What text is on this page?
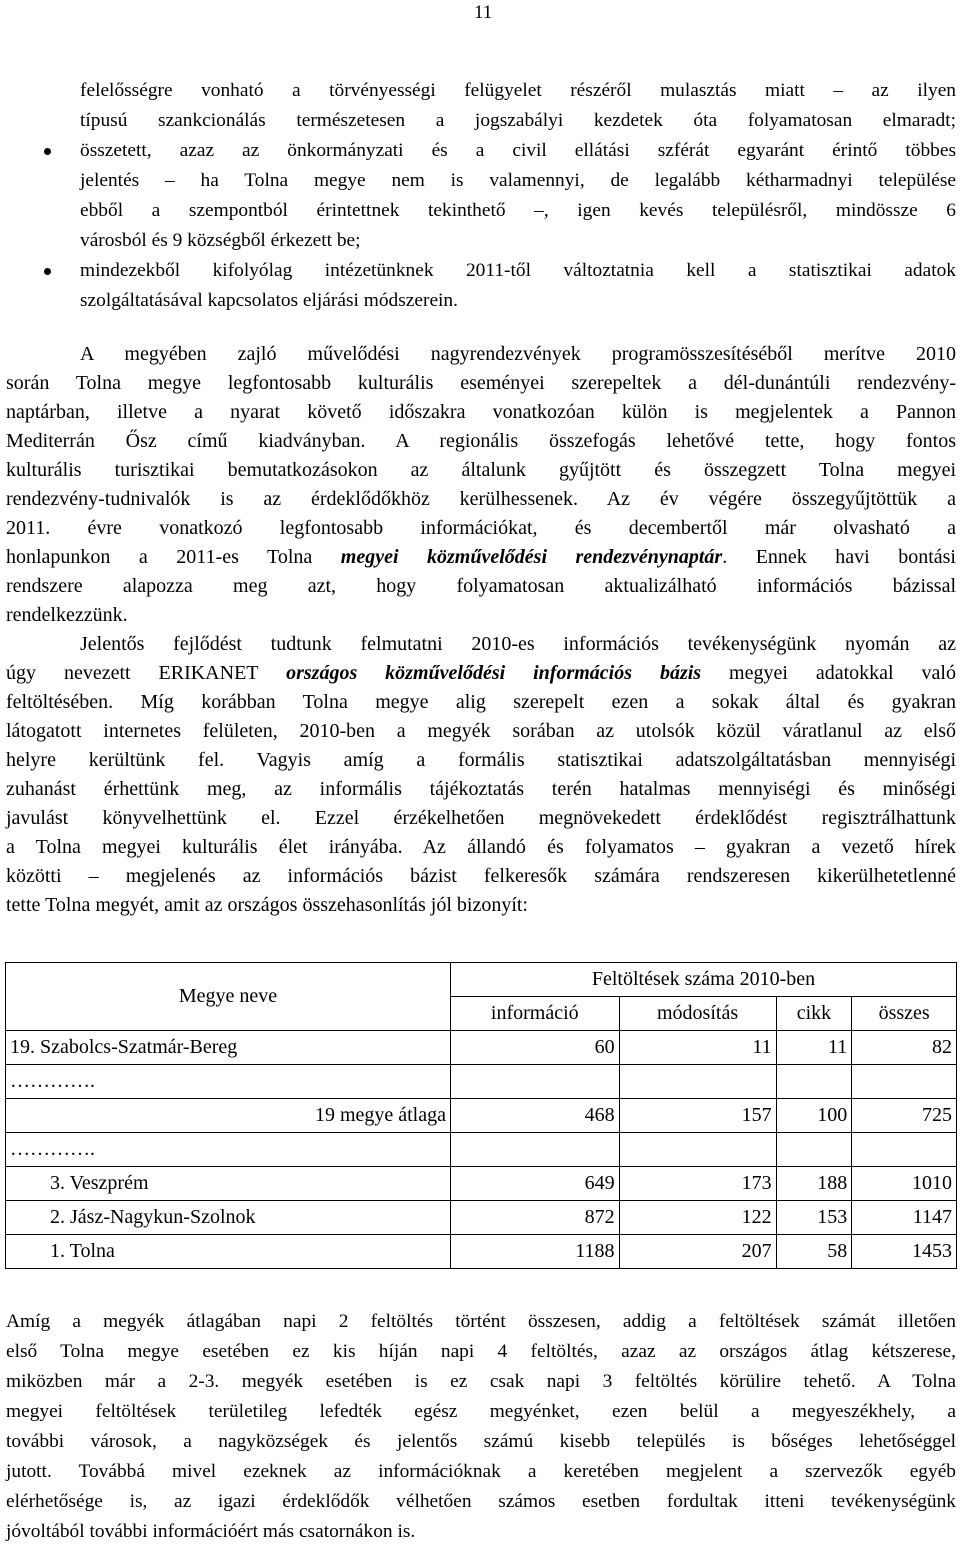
11
felelősségre vonható a törvényességi felügyelet részéről mulasztás miatt – az ilyen
típusú szankcionálás természetesen a jogszabályi kezdetek óta folyamatosan elmaradt;
összetett, azaz az önkormányzati és a civil ellátási szférát egyaránt érintő többes
jelentés – ha Tolna megye nem is valamennyi, de legalább kétharmadnyi települése
ebből a szempontból érintettnek tekinthető –, igen kevés településről, mindössze 6
városból és 9 községből érkezett be;
mindezekből kifolyólag intézetünknek 2011-től változtatnia kell a statisztikai adatok
szolgáltatásával kapcsolatos eljárási módszerein.
A megyében zajló művelődési nagyrendezvények programösszesítéséből merítve 2010
során Tolna megye legfontosabb kulturális eseményei szerepeltek a dél-dunántúli rendezvény-
naptárban, illetve a nyarat követő időszakra vonatkozóan külön is megjelentek a Pannon
Mediterrán Ősz című kiadványban. A regionális összefogás lehetővé tette, hogy fontos
kulturális turisztikai bemutatkozásokon az általunk gyűjtött és összegzett Tolna megyei
rendezvény-tudnivalók is az érdeklődőkhöz kerülhessenek. Az év végére összegyűjtöttük a
2011. évre vonatkozó legfontosabb információkat, és decembertől már olvasható a
honlapunkon a 2011-es Tolna megyei közművelődési rendezvénynaptár. Ennek havi bontási
rendszere alapozza meg azt, hogy folyamatosan aktualizálható információs bázissal
rendelkezzünk.
Jelentős fejlődést tudtunk felmutatni 2010-es információs tevékenységünk nyomán az
úgy nevezett ERIKANET országos közművelődési információs bázis megyei adatokkal való
feltöltésében. Míg korábban Tolna megye alig szerepelt ezen a sokak által és gyakran
látogatott internetes felületen, 2010-ben a megyék sorában az utolsók közül váratlanul az első
helyre kerültünk fel. Vagyis amíg a formális statisztikai adatszolgáltatásban mennyiségi
zuhanást érhettünk meg, az informális tájékoztatás terén hatalmas mennyiségi és minőségi
javulást könyvelhettünk el. Ezzel érzékelhetően megnövekedett érdeklődést regisztrálhattunk
a Tolna megyei kulturális élet irányába. Az állandó és folyamatos – gyakran a vezető hírek
közötti – megjelenés az információs bázist felkeresők számára rendszeresen kikerülhetetlenné
tette Tolna megyét, amit az országos összehasonlítás jól bizonyít:
Megye neve	Feltöltések száma 2010-ben			
	információ	módosítás	cikk	összes
19. Szabolcs-Szatmár-Bereg	60	11	11	82
………….				
19 megye átlaga	468	157	100	725
………….				
3. Veszprém	649	173	188	1010
2. Jász-Nagykun-Szolnok	872	122	153	1147
1. Tolna	1188	207	58	1453
Amíg a megyék átlagában napi 2 feltöltés történt összesen, addig a feltöltések számát illetően
első Tolna megye esetében ez kis híján napi 4 feltöltés, azaz az országos átlag kétszerese,
miközben már a 2-3. megyék esetében is ez csak napi 3 feltöltés körülire tehető. A Tolna
megyei feltöltések területileg lefedték egész megyénket, ezen belül a megyeszékhely, a
további városok, a nagyközségek és jelentős számú kisebb település is bőséges lehetőséggel
jutott. Továbbá mivel ezeknek az információknak a keretében megjelent a szervezők egyéb
elérhetősége is, az igazi érdeklődők vélhetően számos esetben fordultak itteni tevékenységünk
jóvoltából további információért más csatornákon is.
